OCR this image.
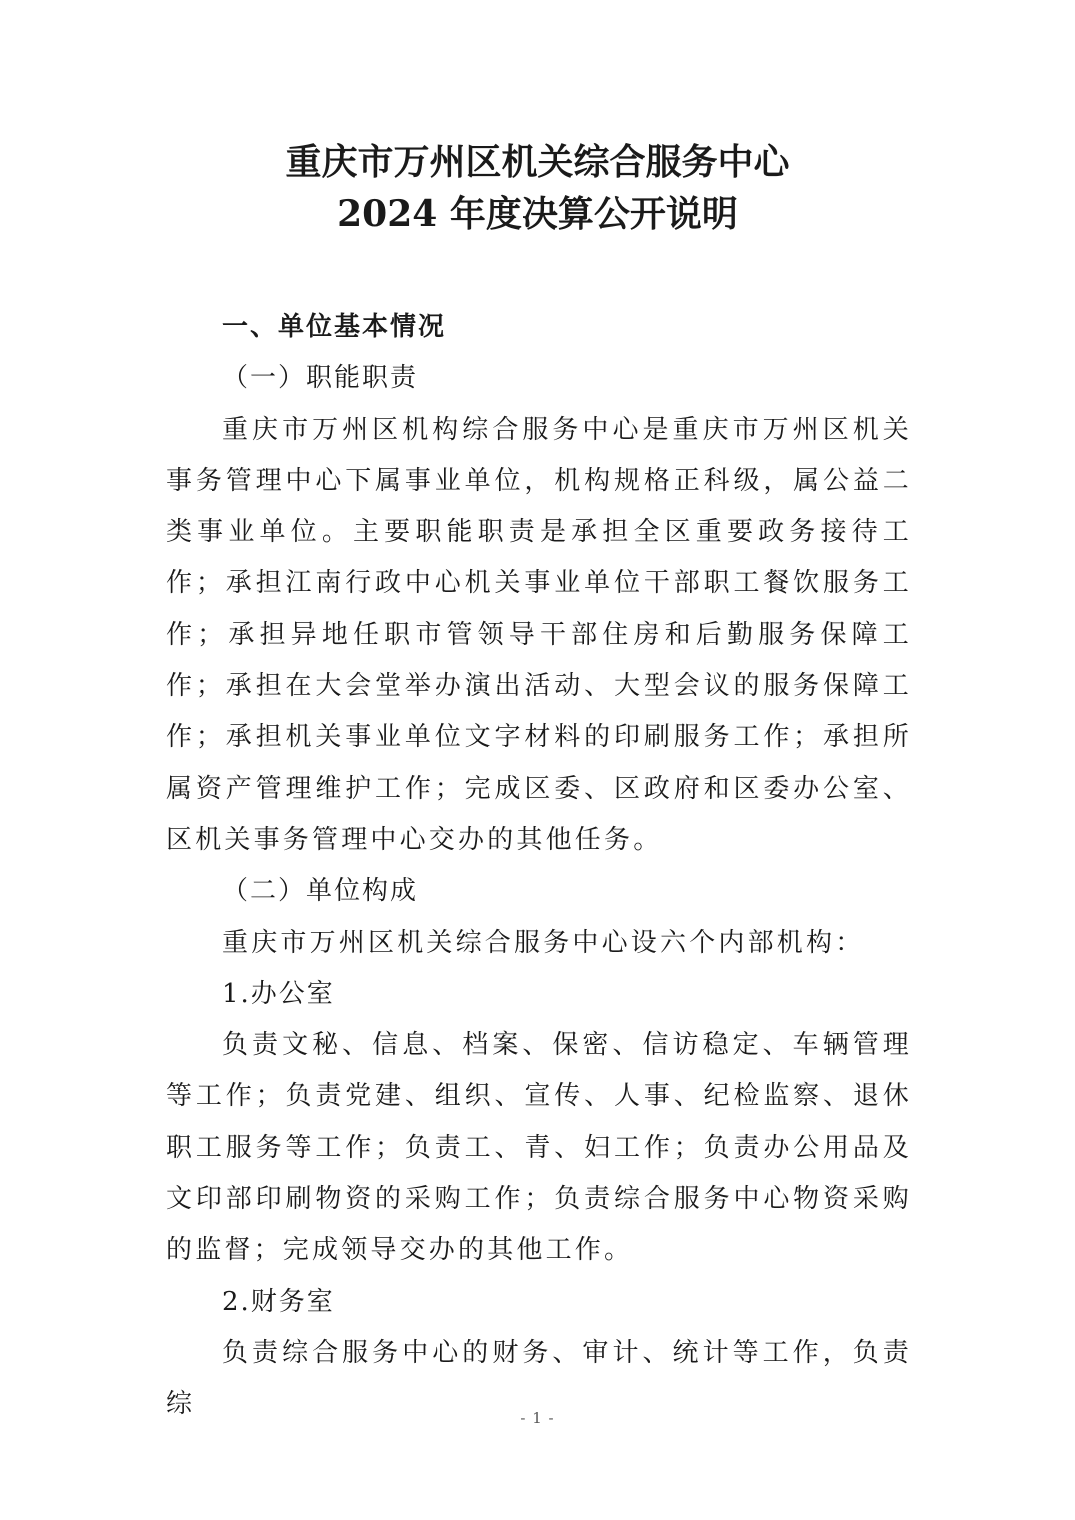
重庆市万州区机关综合服务中心
2024 年度决算公开说明

一、单位基本情况

（一）职能职责

重庆市万州区机构综合服务中心是重庆市万州区机关事务管理中心下属事业单位，机构规格正科级，属公益二类事业单位。主要职能职责是承担全区重要政务接待工作；承担江南行政中心机关事业单位干部职工餐饮服务工作；承担异地任职市管领导干部住房和后勤服务保障工作；承担在大会堂举办演出活动、大型会议的服务保障工作；承担机关事业单位文字材料的印刷服务工作；承担所属资产管理维护工作；完成区委、区政府和区委办公室、区机关事务管理中心交办的其他任务。

（二）单位构成

重庆市万州区机关综合服务中心设六个内部机构：

1.办公室

负责文秘、信息、档案、保密、信访稳定、车辆管理等工作；负责党建、组织、宣传、人事、纪检监察、退休职工服务等工作；负责工、青、妇工作；负责办公用品及文印部印刷物资的采购工作；负责综合服务中心物资采购的监督；完成领导交办的其他工作。

2.财务室

负责综合服务中心的财务、审计、统计等工作，负责综	- 1 -
